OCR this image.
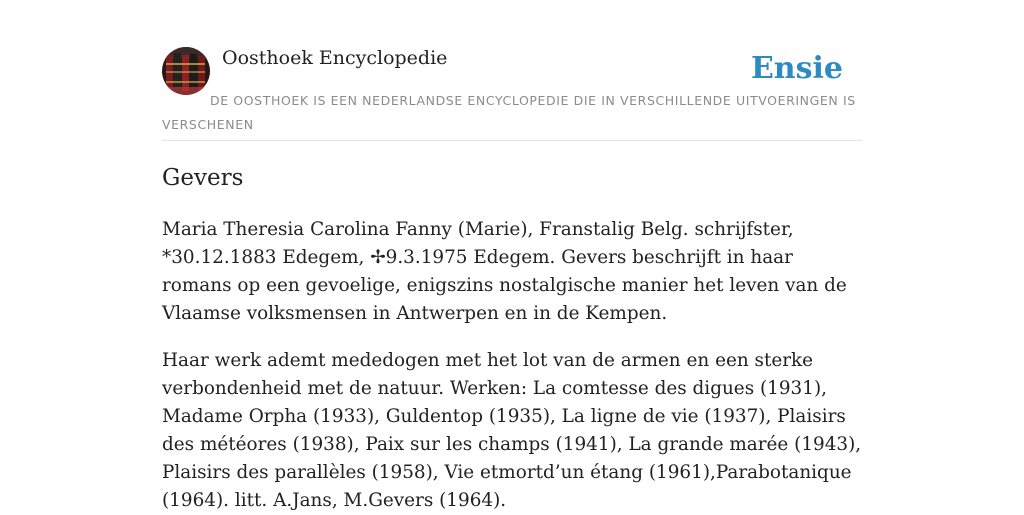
Oosthoek Encyclopedie	Ensie
DE OOSTHOEK IS EEN NEDERLANDSE ENCYCLOPEDIE DIE IN VERSCHILLENDE UITVOERINGEN IS VERSCHENEN
Gevers

Maria Theresia Carolina Fanny (Marie), Franstalig Belg. schrijfster, *30.12.1883 Edegem, ✢9.3.1975 Edegem. Gevers beschrijft in haar romans op een gevoelige, enigszins nostalgische manier het leven van de Vlaamse volksmensen in Antwerpen en in de Kempen.

Haar werk ademt mededogen met het lot van de armen en een sterke verbondenheid met de natuur. Werken: La comtesse des digues (1931), Madame Orpha (1933), Guldentop (1935), La ligne de vie (1937), Plaisirs des météores (1938), Paix sur les champs (1941), La grande marée (1943), Plaisirs des parallèles (1958), Vie etmortd’un étang (1961),Parabotanique (1964). litt. A.Jans, M.Gevers (1964).
